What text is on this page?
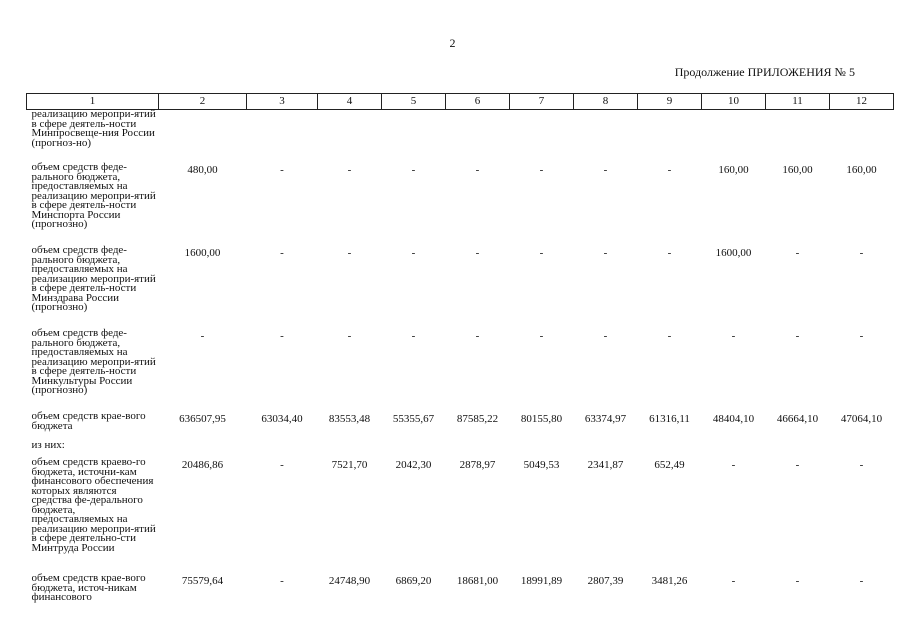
2
Продолжение ПРИЛОЖЕНИЯ № 5
1	2	3	4	5	6	7	8	9	10	11	12
реализацию меропри-ятий в сфере деятель-ности Минпросвеще-ния России (прогноз-но)											
объем средств феде-рального бюджета, предоставляемых на реализацию меропри-ятий в сфере деятель-ности Минспорта России (прогнозно)	480,00	-	-	-	-	-	-	-	160,00	160,00	160,00
объем средств феде-рального бюджета, предоставляемых на реализацию меропри-ятий в сфере деятель-ности Минздрава России (прогнозно)	1600,00	-	-	-	-	-	-	-	1600,00	-	-
объем средств феде-рального бюджета, предоставляемых на реализацию меропри-ятий в сфере деятель-ности Минкультуры России (прогнозно)	-	-	-	-	-	-	-	-	-	-	-
объем средств крае-вого бюджета	636507,95	63034,40	83553,48	55355,67	87585,22	80155,80	63374,97	61316,11	48404,10	46664,10	47064,10
из них:											
объем средств краево-го бюджета, источни-кам финансового обеспечения которых являются средства фе-дерального бюджета, предоставляемых на реализацию меропри-ятий в сфере деятельно-сти Минтруда России	20486,86	-	7521,70	2042,30	2878,97	5049,53	2341,87	652,49	-	-	-
объем средств крае-вого бюджета, источ-никам финансового	75579,64	-	24748,90	6869,20	18681,00	18991,89	2807,39	3481,26	-	-	-
